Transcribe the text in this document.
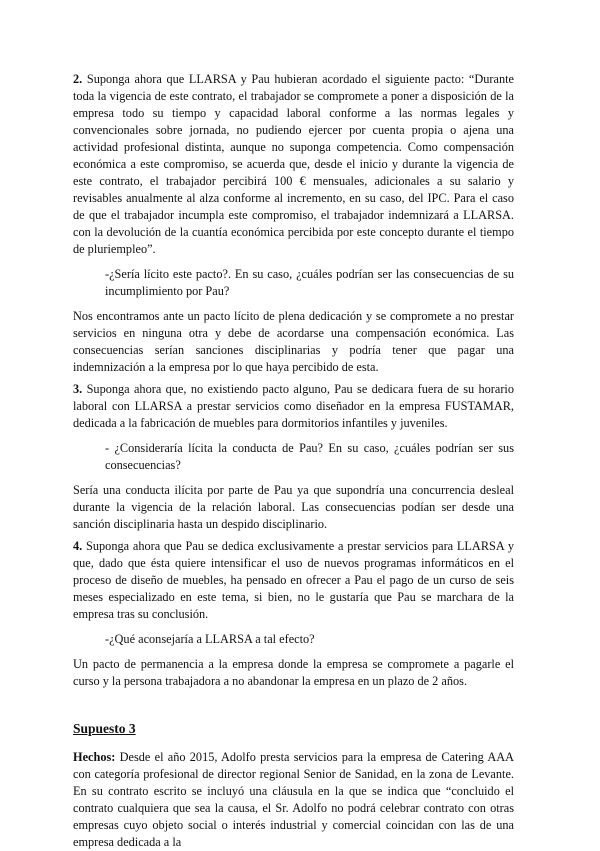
2. Suponga ahora que LLARSA y Pau hubieran acordado el siguiente pacto: “Durante toda la vigencia de este contrato, el trabajador se compromete a poner a disposición de la empresa todo su tiempo y capacidad laboral conforme a las normas legales y convencionales sobre jornada, no pudiendo ejercer por cuenta propia o ajena una actividad profesional distinta, aunque no suponga competencia. Como compensación económica a este compromiso, se acuerda que, desde el inicio y durante la vigencia de este contrato, el trabajador percibirá 100 € mensuales, adicionales a su salario y revisables anualmente al alza conforme al incremento, en su caso, del IPC. Para el caso de que el trabajador incumpla este compromiso, el trabajador indemnizará a LLARSA. con la devolución de la cuantía económica percibida por este concepto durante el tiempo de pluriempleo”.

-¿Sería lícito este pacto?. En su caso, ¿cuáles podrían ser las consecuencias de su incumplimiento por Pau?

Nos encontramos ante un pacto lícito de plena dedicación y se compromete a no prestar servicios en ninguna otra y debe de acordarse una compensación económica. Las consecuencias serían sanciones disciplinarias y podría tener que pagar una indemnización a la empresa por lo que haya percibido de esta.

3. Suponga ahora que, no existiendo pacto alguno, Pau se dedicara fuera de su horario laboral con LLARSA a prestar servicios como diseñador en la empresa FUSTAMAR, dedicada a la fabricación de muebles para dormitorios infantiles y juveniles.

- ¿Consideraría lícita la conducta de Pau? En su caso, ¿cuáles podrían ser sus consecuencias?

Sería una conducta ilícita por parte de Pau ya que supondría una concurrencia desleal durante la vigencia de la relación laboral. Las consecuencias podían ser desde una sanción disciplinaria hasta un despido disciplinario.

4. Suponga ahora que Pau se dedica exclusivamente a prestar servicios para LLARSA y que, dado que ésta quiere intensificar el uso de nuevos programas informáticos en el proceso de diseño de muebles, ha pensado en ofrecer a Pau el pago de un curso de seis meses especializado en este tema, si bien, no le gustaría que Pau se marchara de la empresa tras su conclusión.

-¿Qué aconsejaría a LLARSA a tal efecto?

Un pacto de permanencia a la empresa donde la empresa se compromete a pagarle el curso y la persona trabajadora a no abandonar la empresa en un plazo de 2 años.

Supuesto 3

Hechos: Desde el año 2015, Adolfo presta servicios para la empresa de Catering AAA con categoría profesional de director regional Senior de Sanidad, en la zona de Levante. En su contrato escrito se incluyó una cláusula en la que se indica que “concluido el contrato cualquiera que sea la causa, el Sr. Adolfo no podrá celebrar contrato con otras empresas cuyo objeto social o interés industrial y comercial coincidan con las de una empresa dedicada a la
